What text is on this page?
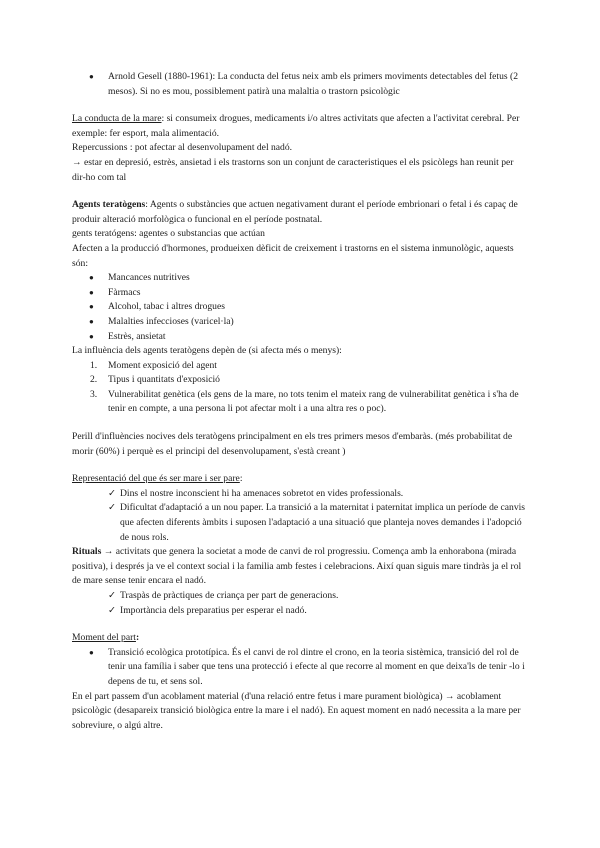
● Arnold Gesell (1880-1961): La conducta del fetus neix amb els primers moviments detectables del fetus (2 mesos). Si no es mou, possiblement patirà una malaltia o trastorn psicològic

La conducta de la mare: si consumeix drogues, medicaments i/o altres activitats que afecten a l'activitat cerebral. Per exemple: fer esport, mala alimentació.

Repercussions : pot afectar al desenvolupament del nadó.

→ estar en depresió, estrès, ansietad i els trastorns son un conjunt de caracteristiques el els psicòlegs han reunit per dir-ho com tal

Agents teratògens: Agents o substàncies que actuen negativament durant el període embrionari o fetal i és capaç de produir alteració morfològica o funcional en el període postnatal.

gents teratógens: agentes o substancias que actúan

Afecten a la producció d'hormones, produeixen dèficit de creixement i trastorns en el sistema inmunològic, aquests són:

● Mancances nutritives
● Fàrmacs
● Alcohol, tabac i altres drogues
● Malalties infeccioses (varicel·la)
● Estrès, ansietat

La influència dels agents teratògens depèn de (si afecta més o menys):

1. Moment exposició del agent
2. Tipus i quantitats d'exposició
3. Vulnerabilitat genètica (els gens de la mare, no tots tenim el mateix rang de vulnerabilitat genètica i s'ha de tenir en compte, a una persona li pot afectar molt i a una altra res o poc).

Perill d'influències nocives dels teratògens principalment en els tres primers mesos d'embaràs. (més probabilitat de morir (60%) i perquè es el principi del desenvolupament, s'està creant )

Representació del que és ser mare i ser pare:

✓ Dins el nostre inconscient hi ha amenaces sobretot en vides professionals.
✓ Dificultat d'adaptació a un nou paper. La transició a la maternitat i paternitat implica un període de canvis que afecten diferents àmbits i suposen l'adaptació a una situació que planteja noves demandes i l'adopció de nous rols.

Rituals → activitats que genera la societat a mode de canvi de rol progressiu. Comença amb la enhorabona (mirada positiva), i després ja ve el context social i la familia amb festes i celebracions. Així quan siguis mare tindràs ja el rol de mare sense tenir encara el nadó.

✓ Traspàs de pràctiques de criança per part de generacions.
✓ Importància dels preparatius per esperar el nadó.

Moment del part:

● Transició ecològica prototípica. És el canvi de rol dintre el crono, en la teoria sistèmica, transició del rol de tenir una família i saber que tens una protecció i efecte al que recorre al moment en que deixa'ls de tenir -lo i depens de tu, et sens sol.

En el part passem d'un acoblament material (d'una relació entre fetus i mare purament biològica) → acoblament psicològic (desapareix transició biològica entre la mare i el nadó). En aquest moment en nadó necessita a la mare per sobreviure, o algú altre.
